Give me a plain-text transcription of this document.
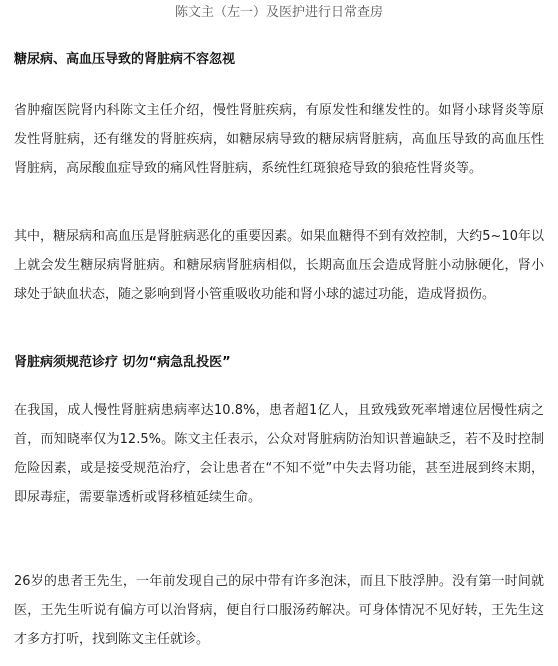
陈文主（左一）及医护进行日常查房
糖尿病、高血压导致的肾脏病不容忽视

省肿瘤医院肾内科陈文主任介绍，慢性肾脏疾病，有原发性和继发性的。如肾小球肾炎等原发性肾脏病，还有继发的肾脏疾病，如糖尿病导致的糖尿病肾脏病，高血压导致的高血压性肾脏病，高尿酸血症导致的痛风性肾脏病，系统性红斑狼疮导致的狼疮性肾炎等。

其中，糖尿病和高血压是肾脏病恶化的重要因素。如果血糖得不到有效控制，大约5~10年以上就会发生糖尿病肾脏病。和糖尿病肾脏病相似，长期高血压会造成肾脏小动脉硬化，肾小球处于缺血状态，随之影响到肾小管重吸收功能和肾小球的滤过功能，造成肾损伤。

肾脏病须规范诊疗 切勿“病急乱投医”

在我国，成人慢性肾脏病患病率达10.8%，患者超1亿人，且致残致死率增速位居慢性病之首，而知晓率仅为12.5%。陈文主任表示，公众对肾脏病防治知识普遍缺乏，若不及时控制危险因素，或是接受规范治疗，会让患者在“不知不觉”中失去肾功能，甚至进展到终末期，即尿毒症，需要靠透析或肾移植延续生命。

26岁的患者王先生，一年前发现自己的尿中带有许多泡沫，而且下肢浮肿。没有第一时间就医，王先生听说有偏方可以治肾病，便自行口服汤药解决。可身体情况不见好转，王先生这才多方打听，找到陈文主任就诊。
